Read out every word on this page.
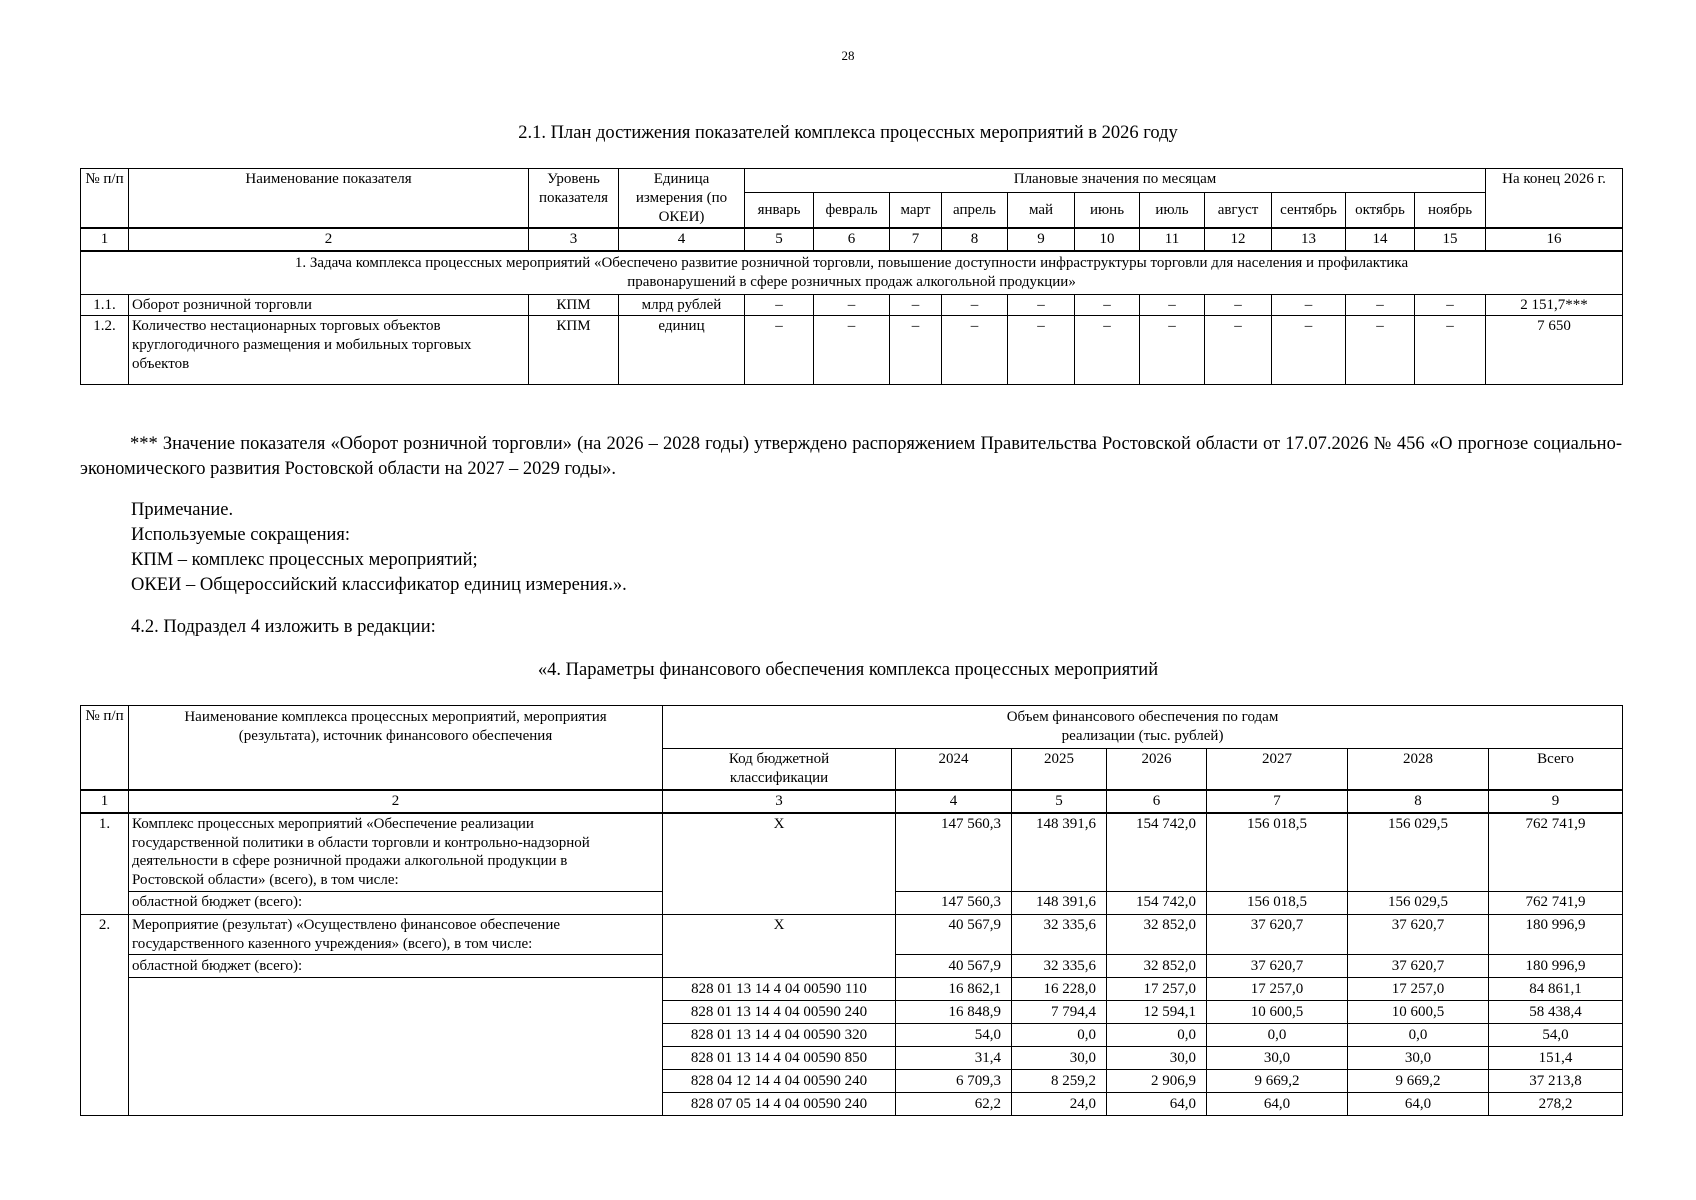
28
2.1. План достижения показателей комплекса процессных мероприятий в 2026 году
№ п/п	Наименование показателя	Уровень показателя	Единица измерения (по ОКЕИ)	Плановые значения по месяцам											На конец 2026 г.
				январь	февраль	март	апрель	май	июнь	июль	август	сентябрь	октябрь	ноябрь	
1	2	3	4	5	6	7	8	9	10	11	12	13	14	15	16
1. Задача комплекса процессных мероприятий «Обеспечено развитие розничной торговли, повышение доступности инфраструктуры торговли для населения и профилактика правонарушений в сфере розничных продаж алкогольной продукции»															
1.1.	Оборот розничной торговли	КПМ	млрд рублей	–	–	–	–	–	–	–	–	–	–	–	2 151,7***
1.2.	Количество нестационарных торговых объектов круглогодичного размещения и мобильных торговых объектов	КПМ	единиц	–	–	–	–	–	–	–	–	–	–	–	7 650
*** Значение показателя «Оборот розничной торговли» (на 2026 – 2028 годы) утверждено распоряжением Правительства Ростовской области от 17.07.2026 № 456 «О прогнозе социально-экономического развития Ростовской области на 2027 – 2029 годы».
Примечание.
Используемые сокращения:
КПМ – комплекс процессных мероприятий;
ОКЕИ – Общероссийский классификатор единиц измерения.».
4.2. Подраздел 4 изложить в редакции:
«4. Параметры финансового обеспечения комплекса процессных мероприятий
№ п/п	Наименование комплекса процессных мероприятий, мероприятия (результата), источник финансового обеспечения	Объем финансового обеспечения по годам реализации (тыс. рублей)						
		Код бюджетной классификации	2024	2025	2026	2027	2028	Всего
1	2	3	4	5	6	7	8	9
1.	Комплекс процессных мероприятий «Обеспечение реализации государственной политики в области торговли и контрольно-надзорной деятельности в сфере розничной продажи алкогольной продукции в Ростовской области» (всего), в том числе:	Х	147 560,3	148 391,6	154 742,0	156 018,5	156 029,5	762 741,9
	областной бюджет (всего):		147 560,3	148 391,6	154 742,0	156 018,5	156 029,5	762 741,9
2.	Мероприятие (результат) «Осуществлено финансовое обеспечение государственного казенного учреждения» (всего), в том числе:	Х	40 567,9	32 335,6	32 852,0	37 620,7	37 620,7	180 996,9
	областной бюджет (всего):		40 567,9	32 335,6	32 852,0	37 620,7	37 620,7	180 996,9
		828 01 13 14 4 04 00590 110	16 862,1	16 228,0	17 257,0	17 257,0	17 257,0	84 861,1
		828 01 13 14 4 04 00590 240	16 848,9	7 794,4	12 594,1	10 600,5	10 600,5	58 438,4
		828 01 13 14 4 04 00590 320	54,0	0,0	0,0	0,0	0,0	54,0
		828 01 13 14 4 04 00590 850	31,4	30,0	30,0	30,0	30,0	151,4
		828 04 12 14 4 04 00590 240	6 709,3	8 259,2	2 906,9	9 669,2	9 669,2	37 213,8
		828 07 05 14 4 04 00590 240	62,2	24,0	64,0	64,0	64,0	278,2
